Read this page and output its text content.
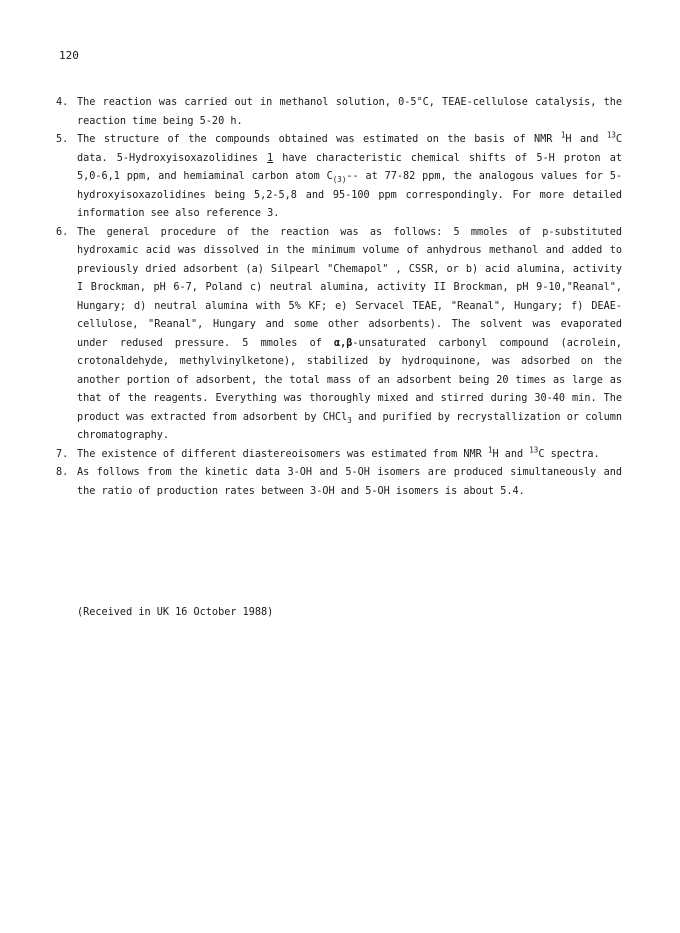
120
4. The reaction was carried out in methanol solution, 0-5°C, TEAE-cellulose catalysis, the reaction time being 5-20 h.
5. The structure of the compounds obtained was estimated on the basis of NMR $^1$H and $^{13}$C data. 5-Hydroxyisoxazolidines 1 have characteristic chemical shifts of 5-H proton at 5,0-6,1 ppm, and hemiaminal carbon atom $C_{(3)}--$ at 77-82 ppm, the analogous values for 5-hydroxyisoxazolidines being 5,2-5,8 and 95-100 ppm correspondingly. For more detailed information see also reference 3.
6. The general procedure of the reaction was as follows: 5 mmoles of p-substituted hydroxamic acid was dissolved in the minimum volume of anhydrous methanol and added to previously dried adsorbent (a) Silpearl "Chemapol" , CSSR, or b) acid alumina, activity I Brockman, pH 6-7, Poland c) neutral alumina, activity II Brockman, pH 9-10,"Reanal", Hungary; d) neutral alumina with 5% KF; e) Servacel TEAE, "Reanal", Hungary; f) DEAE-cellulose, "Reanal", Hungary and some other adsorbents). The solvent was evaporated under redused pressure. 5 mmoles of α,β-unsaturated carbonyl compound (acrolein, crotonaldehyde, methylvinylketone), stabilized by hydroquinone, was adsorbed on the another portion of adsorbent, the total mass of an adsorbent being 20 times as large as that of the reagents. Everything was thoroughly mixed and stirred during 30-40 min. The product was extracted from adsorbent by CHCl$_3$ and purified by recrystallization or column chromatography.
7. The existence of different diastereoisomers was estimated from NMR $^1$H and $^{13}$C spectra.
8. As follows from the kinetic data 3-OH and 5-OH isomers are produced simultaneously and the ratio of production rates between 3-OH and 5-OH isomers is about 5.4.
(Received in UK 16 October 1988)
